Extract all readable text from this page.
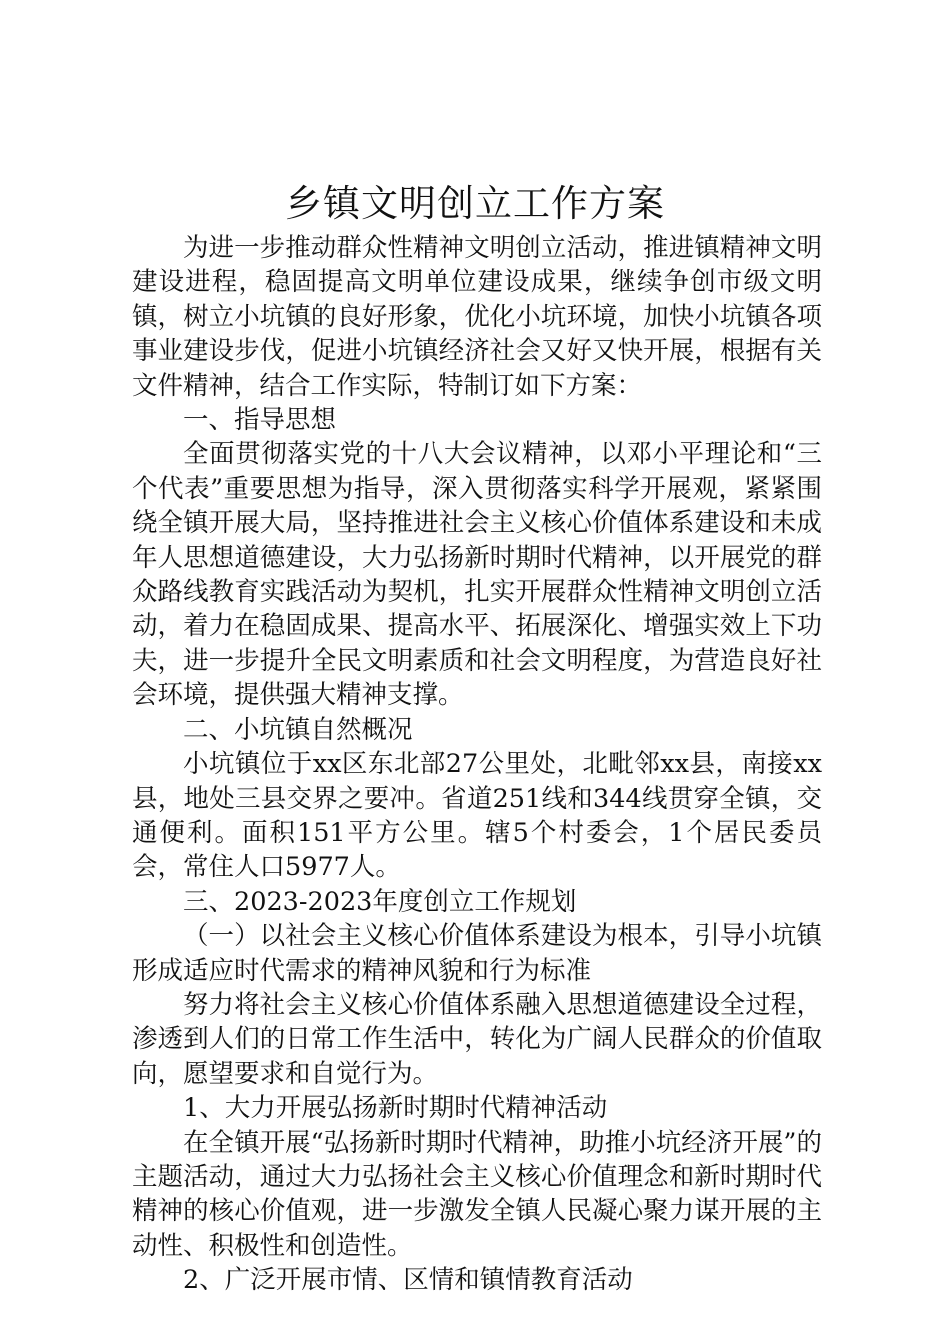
乡镇文明创立工作方案

为进一步推动群众性精神文明创立活动，推进镇精神文明建设进程，稳固提高文明单位建设成果，继续争创市级文明镇，树立小坑镇的良好形象，优化小坑环境，加快小坑镇各项事业建设步伐，促进小坑镇经济社会又好又快开展，根据有关文件精神，结合工作实际，特制订如下方案：

一、指导思想

全面贯彻落实党的十八大会议精神，以邓小平理论和“三个代表”重要思想为指导，深入贯彻落实科学开展观，紧紧围绕全镇开展大局，坚持推进社会主义核心价值体系建设和未成年人思想道德建设，大力弘扬新时期时代精神，以开展党的群众路线教育实践活动为契机，扎实开展群众性精神文明创立活动，着力在稳固成果、提高水平、拓展深化、增强实效上下功夫，进一步提升全民文明素质和社会文明程度，为营造良好社会环境，提供强大精神支撑。

二、小坑镇自然概况

小坑镇位于xx区东北部27公里处，北毗邻xx县，南接xx县，地处三县交界之要冲。省道251线和344线贯穿全镇，交通便利。面积151平方公里。辖5个村委会，1个居民委员会，常住人口5977人。

三、2023-2023年度创立工作规划

（一）以社会主义核心价值体系建设为根本，引导小坑镇形成适应时代需求的精神风貌和行为标准

努力将社会主义核心价值体系融入思想道德建设全过程，渗透到人们的日常工作生活中，转化为广阔人民群众的价值取向，愿望要求和自觉行为。

1、大力开展弘扬新时期时代精神活动

在全镇开展“弘扬新时期时代精神，助推小坑经济开展”的主题活动，通过大力弘扬社会主义核心价值理念和新时期时代精神的核心价值观，进一步激发全镇人民凝心聚力谋开展的主动性、积极性和创造性。

2、广泛开展市情、区情和镇情教育活动
